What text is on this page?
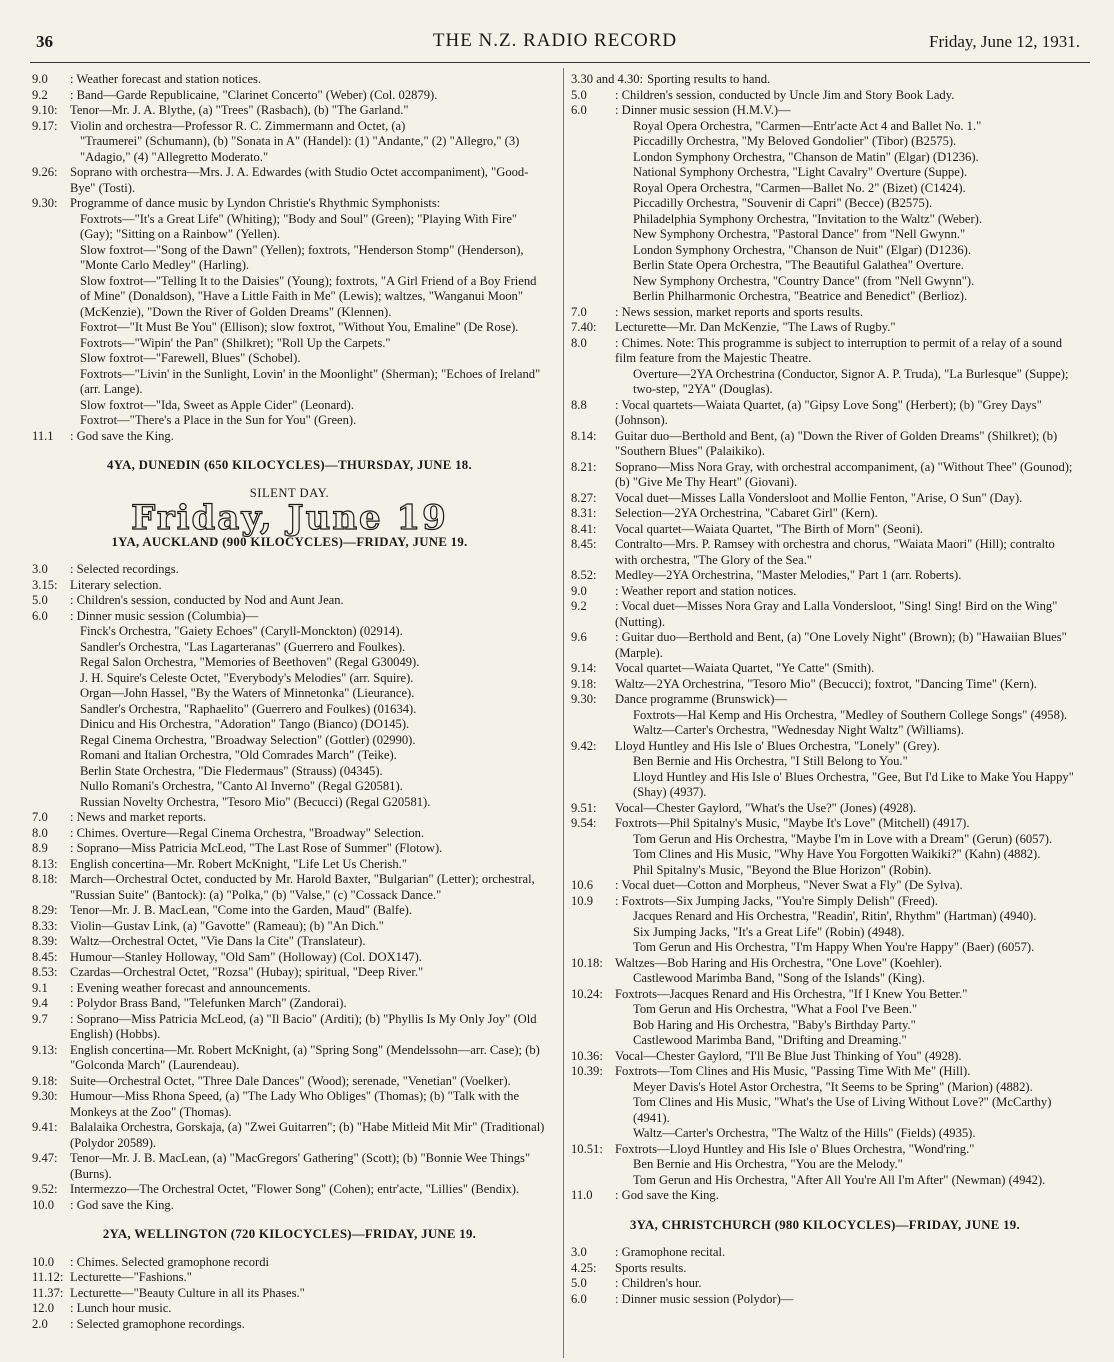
36	THE N.Z. RADIO RECORD	Friday, June 12, 1931.
9.0	: Weather forecast and station notices.
9.2	: Band—Garde Republicaine, "Clarinet Concerto" (Weber) (Col. 02879).
9.10: Tenor—Mr. J. A. Blythe, (a) "Trees" (Rasbach), (b) "The Garland."
9.17: Violin and orchestra—Professor R. C. Zimmermann and Octet, (a)
"Traumerei" (Schumann), (b) "Sonata in A" (Handel): (1) "Andante," (2) "Allegro," (3) "Adagio," (4) "Allegretto Moderato."
9.26: Soprano with orchestra—Mrs. J. A. Edwardes (with Studio Octet accompaniment), "Good-Bye" (Tosti).
9.30: Programme of dance music by Lyndon Christie's Rhythmic Symphonists:
Foxtrots—"It's a Great Life" (Whiting); "Body and Soul" (Green); "Playing With Fire" (Gay); "Sitting on a Rainbow" (Yellen).
Slow foxtrot—"Song of the Dawn" (Yellen); foxtrots, "Henderson Stomp" (Henderson), "Monte Carlo Medley" (Harling).
Slow foxtrot—"Telling It to the Daisies" (Young); foxtrots, "A Girl Friend of a Boy Friend of Mine" (Donaldson), "Have a Little Faith in Me" (Lewis); waltzes, "Wanganui Moon" (McKenzie), "Down the River of Golden Dreams" (Klennen).
Foxtrot—"It Must Be You" (Ellison); slow foxtrot, "Without You, Emaline" (De Rose).
Foxtrots—"Wipin' the Pan" (Shilkret); "Roll Up the Carpets."
Slow foxtrot—"Farewell, Blues" (Schobel).
Foxtrots—"Livin' in the Sunlight, Lovin' in the Moonlight" (Sherman); "Echoes of Ireland" (arr. Lange).
Slow foxtrot—"Ida, Sweet as Apple Cider" (Leonard).
Foxtrot—"There's a Place in the Sun for You" (Green).
11.1	: God save the King.
4YA, DUNEDIN (650 KILOCYCLES)—THURSDAY, JUNE 18.
SILENT DAY.
Friday, June 19
1YA, AUCKLAND (900 KILOCYCLES)—FRIDAY, JUNE 19.
3.0	: Selected recordings.
3.15: Literary selection.
5.0	: Children's session, conducted by Nod and Aunt Jean.
6.0	: Dinner music session (Columbia)—
Finck's Orchestra, "Gaiety Echoes" (Caryll-Monckton) (02914).
Sandler's Orchestra, "Las Lagarteranas" (Guerrero and Foulkes).
Regal Salon Orchestra, "Memories of Beethoven" (Regal G30049).
J. H. Squire's Celeste Octet, "Everybody's Melodies" (arr. Squire).
Organ—John Hassel, "By the Waters of Minnetonka" (Lieurance).
Sandler's Orchestra, "Raphaelito" (Guerrero and Foulkes) (01634).
Dinicu and His Orchestra, "Adoration" Tango (Bianco) (DO145).
Regal Cinema Orchestra, "Broadway Selection" (Gottler) (02990).
Romani and Italian Orchestra, "Old Comrades March" (Teike).
Berlin State Orchestra, "Die Fledermaus" (Strauss) (04345).
Nullo Romani's Orchestra, "Canto Al Inverno" (Regal G20581).
Russian Novelty Orchestra, "Tesoro Mio" (Becucci) (Regal G20581).
7.0	: News and market reports.
8.0	: Chimes. Overture—Regal Cinema Orchestra, "Broadway" Selection.
8.9	: Soprano—Miss Patricia McLeod, "The Last Rose of Summer" (Flotow).
8.13: English concertina—Mr. Robert McKnight, "Life Let Us Cherish."
8.18: March—Orchestral Octet, conducted by Mr. Harold Baxter, "Bulgarian" (Letter); orchestral, "Russian Suite" (Bantock): (a) "Polka," (b) "Valse," (c) "Cossack Dance."
8.29: Tenor—Mr. J. B. MacLean, "Come into the Garden, Maud" (Balfe).
8.33: Violin—Gustav Link, (a) "Gavotte" (Rameau); (b) "An Dich."
8.39: Waltz—Orchestral Octet, "Vie Dans la Cite" (Translateur).
8.45: Humour—Stanley Holloway, "Old Sam" (Holloway) (Col. DOX147).
8.53: Czardas—Orchestral Octet, "Rozsa" (Hubay); spiritual, "Deep River."
9.1	: Evening weather forecast and announcements.
9.4	: Polydor Brass Band, "Telefunken March" (Zandorai).
9.7	: Soprano—Miss Patricia McLeod, (a) "Il Bacio" (Arditi); (b) "Phyllis Is My Only Joy" (Old English) (Hobbs).
9.13: English concertina—Mr. Robert McKnight, (a) "Spring Song" (Mendelssohn—arr. Case); (b) "Golconda March" (Laurendeau).
9.18: Suite—Orchestral Octet, "Three Dale Dances" (Wood); serenade, "Venetian" (Voelker).
9.30: Humour—Miss Rhona Speed, (a) "The Lady Who Obliges" (Thomas); (b) "Talk with the Monkeys at the Zoo" (Thomas).
9.41: Balalaika Orchestra, Gorskaja, (a) "Zwei Guitarren"; (b) "Habe Mitleid Mit Mir" (Traditional) (Polydor 20589).
9.47: Tenor—Mr. J. B. MacLean, (a) "MacGregors' Gathering" (Scott); (b) "Bonnie Wee Things" (Burns).
9.52: Intermezzo—The Orchestral Octet, "Flower Song" (Cohen); entr'acte, "Lillies" (Bendix).
10.0	: God save the King.
2YA, WELLINGTON (720 KILOCYCLES)—FRIDAY, JUNE 19.
10.0	: Chimes. Selected gramophone recordi
11.12: Lecturette—"Fashions."
11.37: Lecturette—"Beauty Culture in all its Phases."
12.0	: Lunch hour music.
2.0	: Selected gramophone recordings.
3.30 and 4.30: Sporting results to hand.
5.0	: Children's session, conducted by Uncle Jim and Story Book Lady.
6.0	: Dinner music session (H.M.V.)—
Royal Opera Orchestra, "Carmen—Entr'acte Act 4 and Ballet No. 1."
Piccadilly Orchestra, "My Beloved Gondolier" (Tibor) (B2575).
London Symphony Orchestra, "Chanson de Matin" (Elgar) (D1236).
National Symphony Orchestra, "Light Cavalry" Overture (Suppe).
Royal Opera Orchestra, "Carmen—Ballet No. 2" (Bizet) (C1424).
Piccadilly Orchestra, "Souvenir di Capri" (Becce) (B2575).
Philadelphia Symphony Orchestra, "Invitation to the Waltz" (Weber).
New Symphony Orchestra, "Pastoral Dance" from "Nell Gwynn."
London Symphony Orchestra, "Chanson de Nuit" (Elgar) (D1236).
Berlin State Opera Orchestra, "The Beautiful Galathea" Overture.
New Symphony Orchestra, "Country Dance" (from "Nell Gwynn").
Berlin Philharmonic Orchestra, "Beatrice and Benedict" (Berlioz).
7.0	: News session, market reports and sports results.
7.40:	Lecturette—Mr. Dan McKenzie, "The Laws of Rugby."
8.0	: Chimes. Note: This programme is subject to interruption to permit of a relay of a sound film feature from the Majestic Theatre.
Overture—2YA Orchestrina (Conductor, Signor A. P. Truda), "La Burlesque" (Suppe); two-step, "2YA" (Douglas).
8.8	: Vocal quartets—Waiata Quartet, (a) "Gipsy Love Song" (Herbert); (b) "Grey Days" (Johnson).
8.14:	Guitar duo—Berthold and Bent, (a) "Down the River of Golden Dreams" (Shilkret); (b) "Southern Blues" (Palaikiko).
8.21:	Soprano—Miss Nora Gray, with orchestral accompaniment, (a) "Without Thee" (Gounod); (b) "Give Me Thy Heart" (Giovani).
8.27:	Vocal duet—Misses Lalla Vondersloot and Mollie Fenton, "Arise, O Sun" (Day).
8.31:	Selection—2YA Orchestrina, "Cabaret Girl" (Kern).
8.41:	Vocal quartet—Waiata Quartet, "The Birth of Morn" (Seoni).
8.45:	Contralto—Mrs. P. Ramsey with orchestra and chorus, "Waiata Maori" (Hill); contralto with orchestra, "The Glory of the Sea."
8.52:	Medley—2YA Orchestrina, "Master Melodies," Part 1 (arr. Roberts).
9.0	: Weather report and station notices.
9.2	: Vocal duet—Misses Nora Gray and Lalla Vondersloot, "Sing! Sing! Bird on the Wing" (Nutting).
9.6	: Guitar duo—Berthold and Bent, (a) "One Lovely Night" (Brown); (b) "Hawaiian Blues" (Marple).
9.14:	Vocal quartet—Waiata Quartet, "Ye Catte" (Smith).
9.18:	Waltz—2YA Orchestrina, "Tesoro Mio" (Becucci); foxtrot, "Dancing Time" (Kern).
9.30:	Dance programme (Brunswick)—
Foxtrots—Hal Kemp and His Orchestra, "Medley of Southern College Songs" (4958).
Waltz—Carter's Orchestra, "Wednesday Night Waltz" (Williams).
9.42:	Lloyd Huntley and His Isle o' Blues Orchestra, "Lonely" (Grey).
Ben Bernie and His Orchestra, "I Still Belong to You."
Lloyd Huntley and His Isle o' Blues Orchestra, "Gee, But I'd Like to Make You Happy" (Shay) (4937).
9.51:	Vocal—Chester Gaylord, "What's the Use?" (Jones) (4928).
9.54:	Foxtrots—Phil Spitalny's Music, "Maybe It's Love" (Mitchell) (4917).
Tom Gerun and His Orchestra, "Maybe I'm in Love with a Dream" (Gerun) (6057).
Tom Clines and His Music, "Why Have You Forgotten Waikiki?" (Kahn) (4882).
Phil Spitalny's Music, "Beyond the Blue Horizon" (Robin).
10.6	: Vocal duet—Cotton and Morpheus, "Never Swat a Fly" (De Sylva).
10.9	: Foxtrots—Six Jumping Jacks, "You're Simply Delish" (Freed).
Jacques Renard and His Orchestra, "Readin', Ritin', Rhythm" (Hartman) (4940).
Six Jumping Jacks, "It's a Great Life" (Robin) (4948).
Tom Gerun and His Orchestra, "I'm Happy When You're Happy" (Baer) (6057).
10.18: Waltzes—Bob Haring and His Orchestra, "One Love" (Koehler).
Castlewood Marimba Band, "Song of the Islands" (King).
10.24: Foxtrots—Jacques Renard and His Orchestra, "If I Knew You Better."
Tom Gerun and His Orchestra, "What a Fool I've Been."
Bob Haring and His Orchestra, "Baby's Birthday Party."
Castlewood Marimba Band, "Drifting and Dreaming."
10.36: Vocal—Chester Gaylord, "I'll Be Blue Just Thinking of You" (4928).
10.39: Foxtrots—Tom Clines and His Music, "Passing Time With Me" (Hill).
Meyer Davis's Hotel Astor Orchestra, "It Seems to be Spring" (Marion) (4882).
Tom Clines and His Music, "What's the Use of Living Without Love?" (McCarthy) (4941).
Waltz—Carter's Orchestra, "The Waltz of the Hills" (Fields) (4935).
10.51: Foxtrots—Lloyd Huntley and His Isle o' Blues Orchestra, "Wond'ring."
Ben Bernie and His Orchestra, "You are the Melody."
Tom Gerun and His Orchestra, "After All You're All I'm After" (Newman) (4942).
11.0	: God save the King.
3YA, CHRISTCHURCH (980 KILOCYCLES)—FRIDAY, JUNE 19.
3.0	: Gramophone recital.
4.25:	Sports results.
5.0	: Children's hour.
6.0	: Dinner music session (Polydor)—
